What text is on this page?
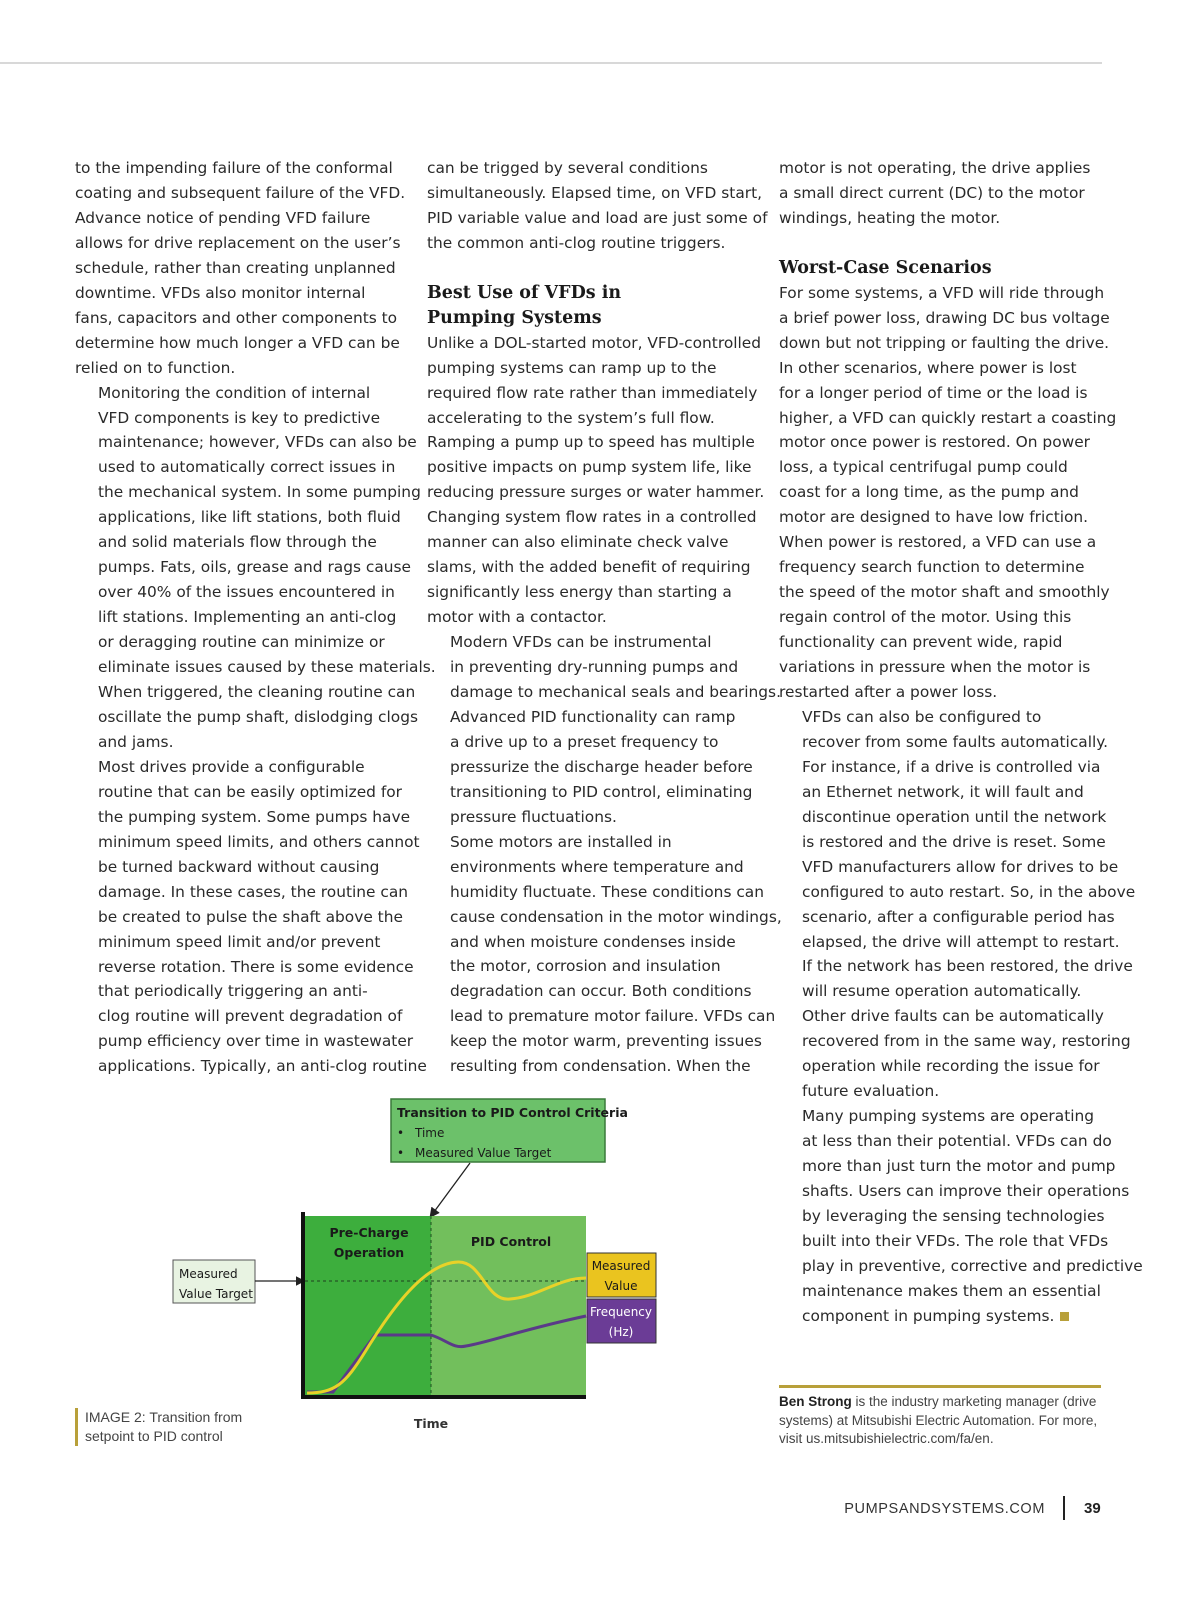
to the impending failure of the conformal
coating and subsequent failure of the VFD.
Advance notice of pending VFD failure
allows for drive replacement on the user’s
schedule, rather than creating unplanned
downtime. VFDs also monitor internal
fans, capacitors and other components to
determine how much longer a VFD can be
relied on to function.

Monitoring the condition of internal
VFD components is key to predictive
maintenance; however, VFDs can also be
used to automatically correct issues in
the mechanical system. In some pumping
applications, like lift stations, both fluid
and solid materials flow through the
pumps. Fats, oils, grease and rags cause
over 40% of the issues encountered in
lift stations. Implementing an anti-clog
or deragging routine can minimize or
eliminate issues caused by these materials.
When triggered, the cleaning routine can
oscillate the pump shaft, dislodging clogs
and jams.

Most drives provide a configurable
routine that can be easily optimized for
the pumping system. Some pumps have
minimum speed limits, and others cannot
be turned backward without causing
damage. In these cases, the routine can
be created to pulse the shaft above the
minimum speed limit and/or prevent
reverse rotation. There is some evidence
that periodically triggering an anti-
clog routine will prevent degradation of
pump efficiency over time in wastewater
applications. Typically, an anti-clog routine

can be trigged by several conditions
simultaneously. Elapsed time, on VFD start,
PID variable value and load are just some of
the common anti-clog routine triggers.

Best Use of VFDs in
Pumping Systems

Unlike a DOL-started motor, VFD-controlled
pumping systems can ramp up to the
required flow rate rather than immediately
accelerating to the system’s full flow.
Ramping a pump up to speed has multiple
positive impacts on pump system life, like
reducing pressure surges or water hammer.
Changing system flow rates in a controlled
manner can also eliminate check valve
slams, with the added benefit of requiring
significantly less energy than starting a
motor with a contactor.

Modern VFDs can be instrumental
in preventing dry-running pumps and
damage to mechanical seals and bearings.
Advanced PID functionality can ramp
a drive up to a preset frequency to
pressurize the discharge header before
transitioning to PID control, eliminating
pressure fluctuations.

Some motors are installed in
environments where temperature and
humidity fluctuate. These conditions can
cause condensation in the motor windings,
and when moisture condenses inside
the motor, corrosion and insulation
degradation can occur. Both conditions
lead to premature motor failure. VFDs can
keep the motor warm, preventing issues
resulting from condensation. When the

motor is not operating, the drive applies
a small direct current (DC) to the motor
windings, heating the motor.

Worst-Case Scenarios

For some systems, a VFD will ride through
a brief power loss, drawing DC bus voltage
down but not tripping or faulting the drive.
In other scenarios, where power is lost
for a longer period of time or the load is
higher, a VFD can quickly restart a coasting
motor once power is restored. On power
loss, a typical centrifugal pump could
coast for a long time, as the pump and
motor are designed to have low friction.
When power is restored, a VFD can use a
frequency search function to determine
the speed of the motor shaft and smoothly
regain control of the motor. Using this
functionality can prevent wide, rapid
variations in pressure when the motor is
restarted after a power loss.

VFDs can also be configured to
recover from some faults automatically.
For instance, if a drive is controlled via
an Ethernet network, it will fault and
discontinue operation until the network
is restored and the drive is reset. Some
VFD manufacturers allow for drives to be
configured to auto restart. So, in the above
scenario, after a configurable period has
elapsed, the drive will attempt to restart.
If the network has been restored, the drive
will resume operation automatically.
Other drive faults can be automatically
recovered from in the same way, restoring
operation while recording the issue for
future evaluation.

Many pumping systems are operating
at less than their potential. VFDs can do
more than just turn the motor and pump
shafts. Users can improve their operations
by leveraging the sensing technologies
built into their VFDs. The role that VFDs
play in preventive, corrective and predictive
maintenance makes them an essential
component in pumping systems.

Transition to PID Control Criteria
• Time
• Measured Value Target
Pre-Charge
Operation
PID Control
Measured
Value Target
Measured
Value
Frequency
(Hz)
Time
IMAGE 2: Transition from
setpoint to PID control
Ben Strong is the industry marketing manager (drive
systems) at Mitsubishi Electric Automation. For more,
visit us.mitsubishielectric.com/fa/en.
PUMPSANDSYSTEMS.COM	39
